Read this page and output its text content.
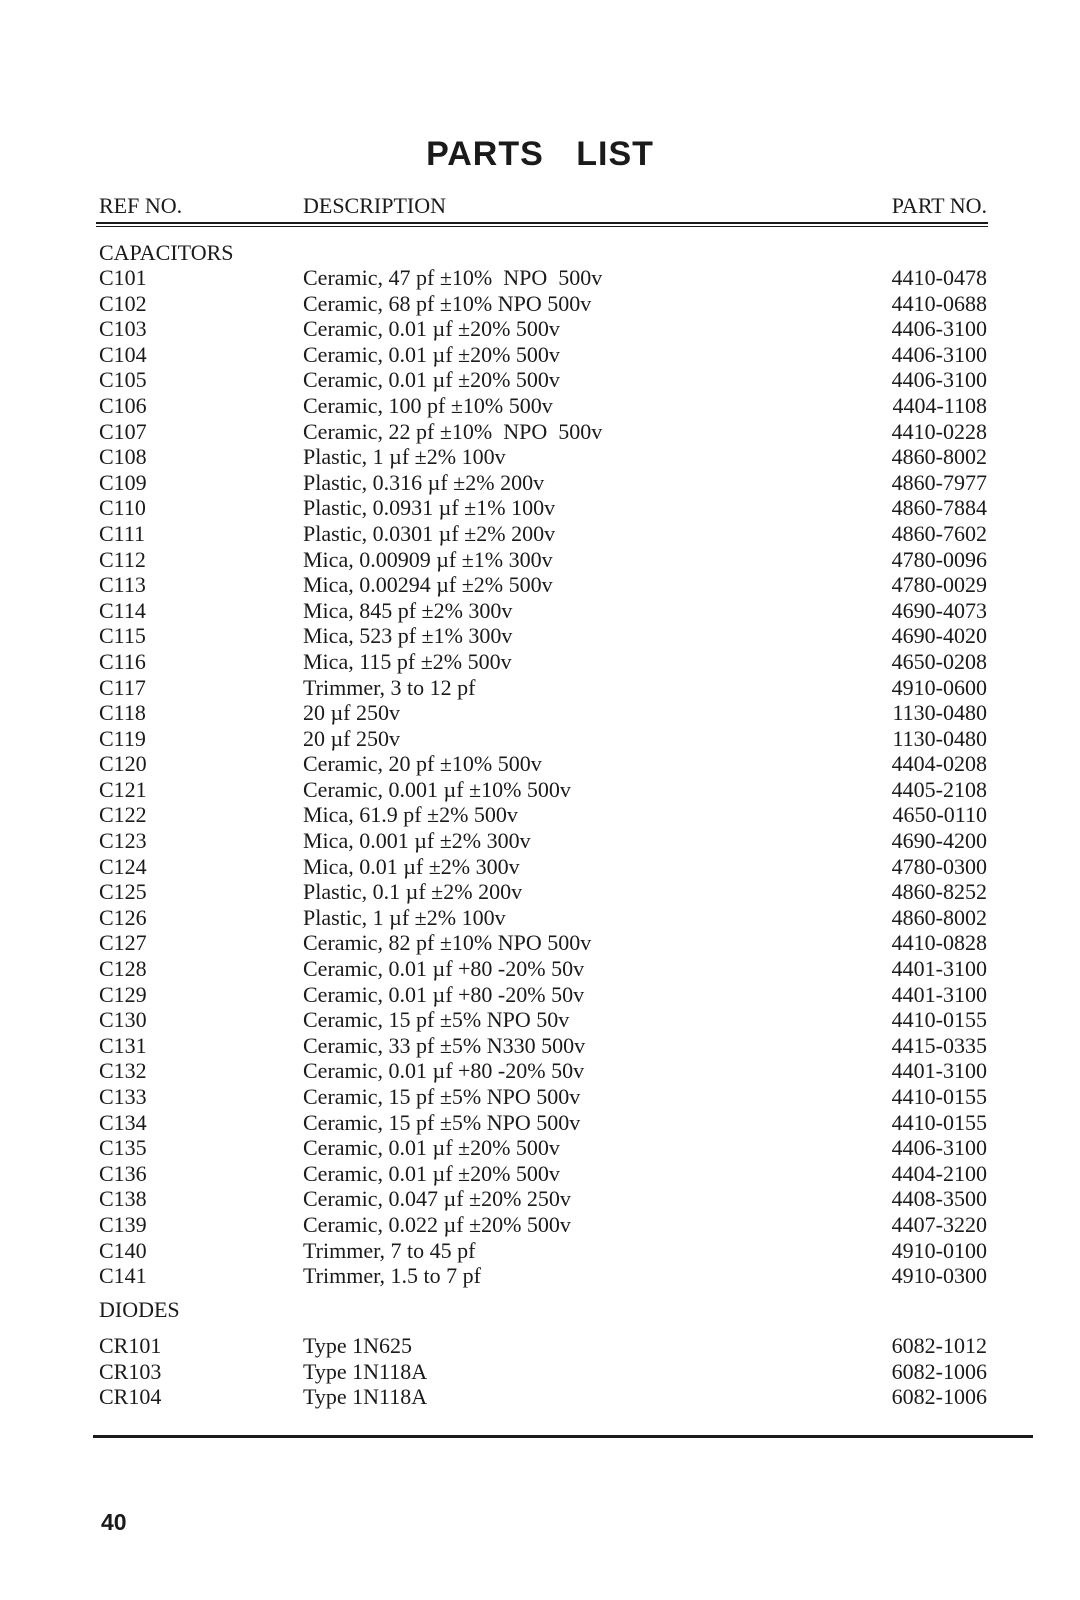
PARTS LIST
REF NO.	DESCRIPTION	PART NO.
CAPACITORS
C101	Ceramic, 47 pf ±10%  NPO  500v	4410-0478
C102	Ceramic, 68 pf ±10% NPO 500v	4410-0688
C103	Ceramic, 0.01 µf ±20% 500v	4406-3100
C104	Ceramic, 0.01 µf ±20% 500v	4406-3100
C105	Ceramic, 0.01 µf ±20% 500v	4406-3100
C106	Ceramic, 100 pf ±10% 500v	4404-1108
C107	Ceramic, 22 pf ±10%  NPO  500v	4410-0228
C108	Plastic, 1 µf ±2% 100v	4860-8002
C109	Plastic, 0.316 µf ±2% 200v	4860-7977
C110	Plastic, 0.0931 µf ±1% 100v	4860-7884
C111	Plastic, 0.0301 µf ±2% 200v	4860-7602
C112	Mica, 0.00909 µf ±1% 300v	4780-0096
C113	Mica, 0.00294 µf ±2% 500v	4780-0029
C114	Mica, 845 pf ±2% 300v	4690-4073
C115	Mica, 523 pf ±1% 300v	4690-4020
C116	Mica, 115 pf ±2% 500v	4650-0208
C117	Trimmer, 3 to 12 pf	4910-0600
C118	20 µf 250v	1130-0480
C119	20 µf 250v	1130-0480
C120	Ceramic, 20 pf ±10% 500v	4404-0208
C121	Ceramic, 0.001 µf ±10% 500v	4405-2108
C122	Mica, 61.9 pf ±2% 500v	4650-0110
C123	Mica, 0.001 µf ±2% 300v	4690-4200
C124	Mica, 0.01 µf ±2% 300v	4780-0300
C125	Plastic, 0.1 µf ±2% 200v	4860-8252
C126	Plastic, 1 µf ±2% 100v	4860-8002
C127	Ceramic, 82 pf ±10% NPO 500v	4410-0828
C128	Ceramic, 0.01 µf +80 -20% 50v	4401-3100
C129	Ceramic, 0.01 µf +80 -20% 50v	4401-3100
C130	Ceramic, 15 pf ±5% NPO 50v	4410-0155
C131	Ceramic, 33 pf ±5% N330 500v	4415-0335
C132	Ceramic, 0.01 µf +80 -20% 50v	4401-3100
C133	Ceramic, 15 pf ±5% NPO 500v	4410-0155
C134	Ceramic, 15 pf ±5% NPO 500v	4410-0155
C135	Ceramic, 0.01 µf ±20% 500v	4406-3100
C136	Ceramic, 0.01 µf ±20% 500v	4404-2100
C138	Ceramic, 0.047 µf ±20% 250v	4408-3500
C139	Ceramic, 0.022 µf ±20% 500v	4407-3220
C140	Trimmer, 7 to 45 pf	4910-0100
C141	Trimmer, 1.5 to 7 pf	4910-0300
DIODES
CR101	Type 1N625	6082-1012
CR103	Type 1N118A	6082-1006
CR104	Type 1N118A	6082-1006
40
